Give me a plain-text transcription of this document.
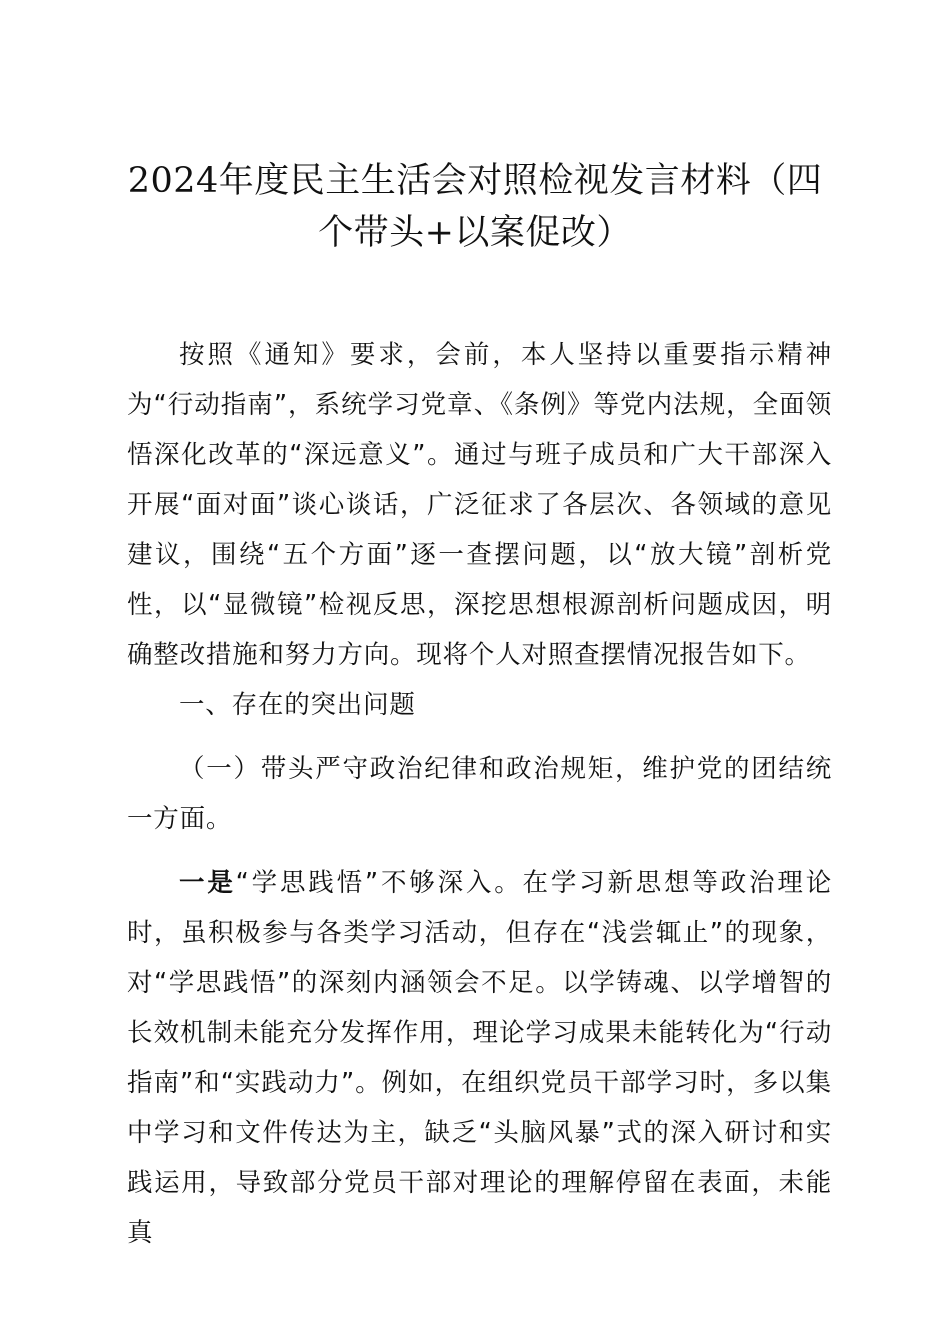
2024年度民主生活会对照检视发言材料（四个带头+以案促改）

按照《通知》要求，会前，本人坚持以重要指示精神为“行动指南”，系统学习党章、《条例》等党内法规，全面领悟深化改革的“深远意义”。通过与班子成员和广大干部深入开展“面对面”谈心谈话，广泛征求了各层次、各领域的意见建议，围绕“五个方面”逐一查摆问题，以“放大镜”剖析党性，以“显微镜”检视反思，深挖思想根源剖析问题成因，明确整改措施和努力方向。现将个人对照查摆情况报告如下。

一、存在的突出问题

（一）带头严守政治纪律和政治规矩，维护党的团结统一方面。

一是“学思践悟”不够深入。在学习新思想等政治理论时，虽积极参与各类学习活动，但存在“浅尝辄止”的现象，对“学思践悟”的深刻内涵领会不足。以学铸魂、以学增智的长效机制未能充分发挥作用，理论学习成果未能转化为“行动指南”和“实践动力”。例如，在组织党员干部学习时，多以集中学习和文件传达为主，缺乏“头脑风暴”式的深入研讨和实践运用，导致部分党员干部对理论的理解停留在表面，未能真
